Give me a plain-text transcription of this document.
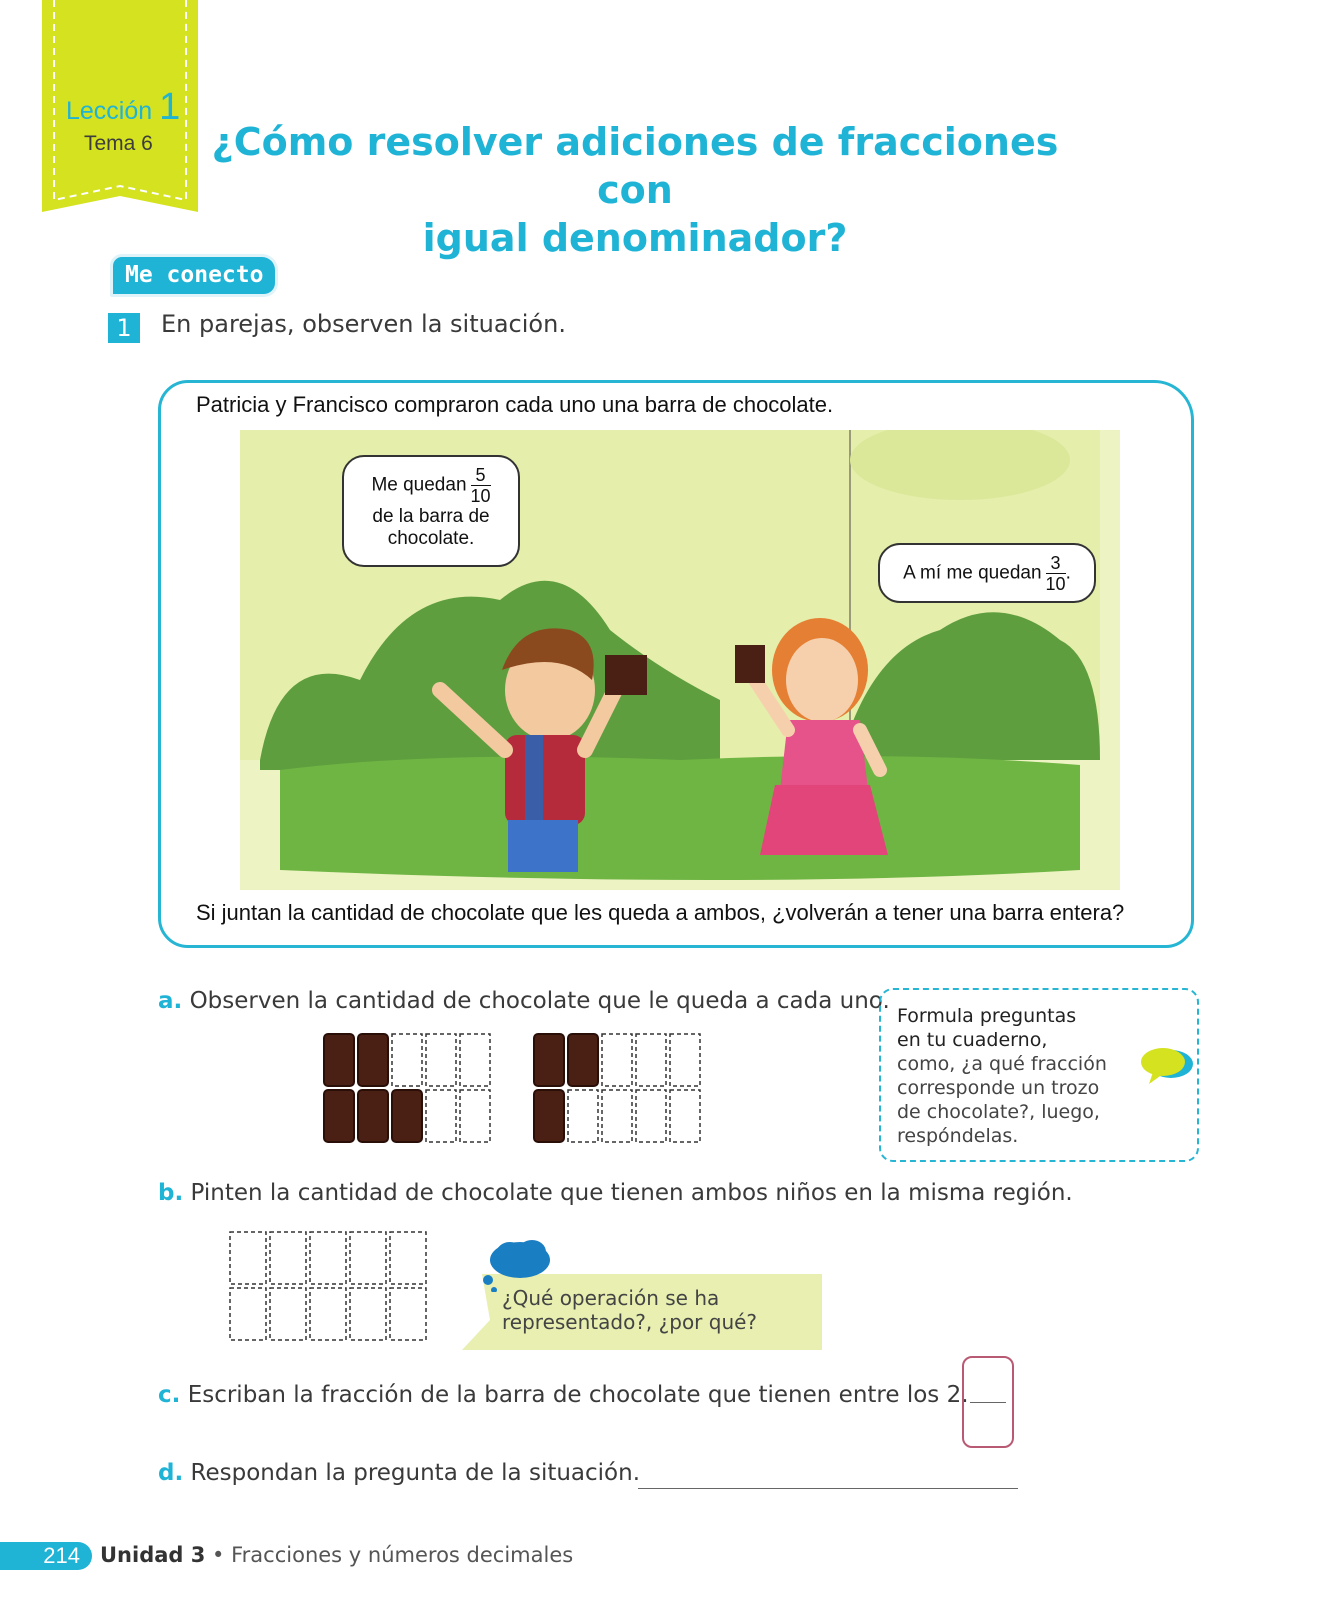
Lección 1
Tema 6	¿Cómo resolver adiciones de fracciones con
igual denominador?
Me conecto
1	En parejas, observen la situación.
Patricia y Francisco compraron cada uno una barra de chocolate.
Me quedan $\frac{5}{10}$
de la barra de
chocolate.
A mí me quedan $\frac{3}{10}$ .
Si juntan la cantidad de chocolate que les queda a ambos, ¿volverán a tener una barra entera?
a. Observen la cantidad de chocolate que le queda a cada uno.
Formula preguntas
en tu cuaderno,
como, ¿a qué fracción corresponde un trozo de chocolate?, luego, respóndelas.
b. Pinten la cantidad de chocolate que tienen ambos niños en la misma región.
¿Qué operación se ha
representado?, ¿por qué?
c. Escriban la fracción de la barra de chocolate que tienen entre los 2.
d. Respondan la pregunta de la situación.
214 Unidad 3 • Fracciones y números decimales
